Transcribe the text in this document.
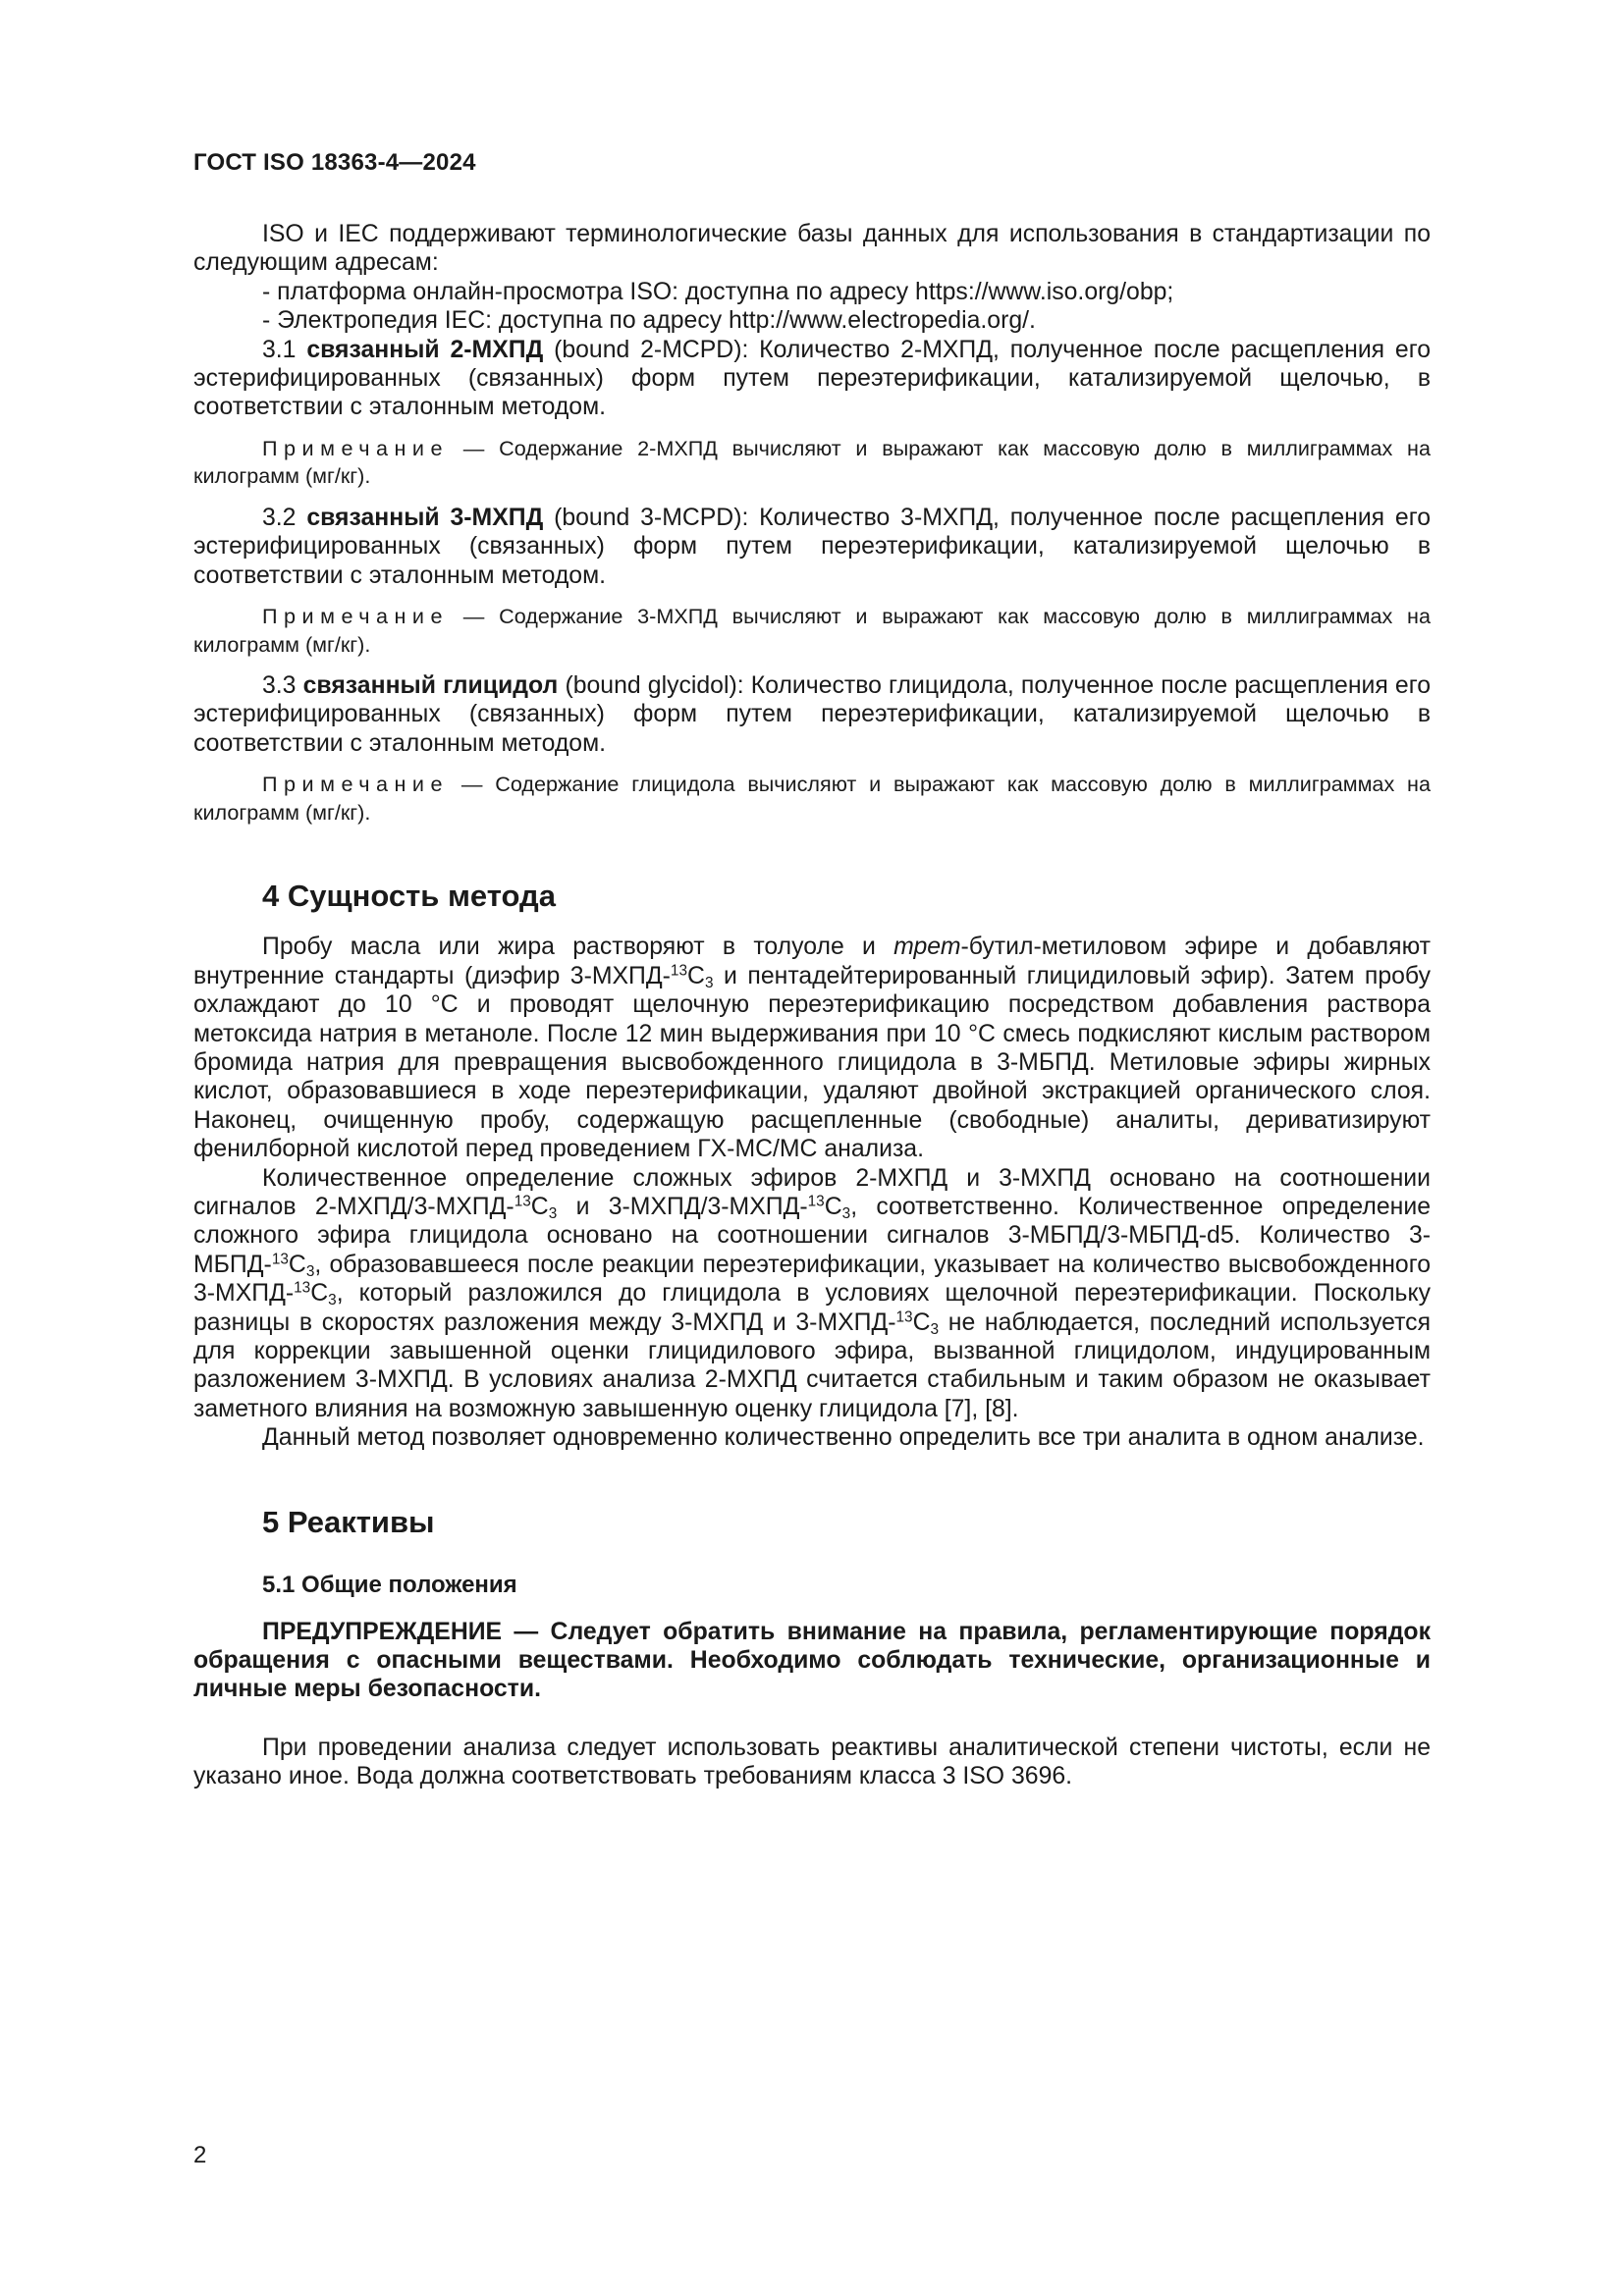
ГОСТ ISO 18363-4—2024

ISO и IEC поддерживают терминологические базы данных для использования в стандартизации по следующим адресам:

- платформа онлайн-просмотра ISO: доступна по адресу https://www.iso.org/obp;

- Электропедия IEC: доступна по адресу http://www.electropedia.org/.

3.1 связанный 2-МХПД (bound 2-MCPD): Количество 2-МХПД, полученное после расщепления его эстерифицированных (связанных) форм путем переэтерификации, катализируемой щелочью, в соответствии с эталонным методом.

Примечание — Содержание 2-МХПД вычисляют и выражают как массовую долю в миллиграммах на килограмм (мг/кг).

3.2 связанный 3-МХПД (bound 3-MCPD): Количество 3-МХПД, полученное после расщепления его эстерифицированных (связанных) форм путем переэтерификации, катализируемой щелочью в соответствии с эталонным методом.

Примечание — Содержание 3-МХПД вычисляют и выражают как массовую долю в миллиграммах на килограмм (мг/кг).

3.3 связанный глицидол (bound glycidol): Количество глицидола, полученное после расщепления его эстерифицированных (связанных) форм путем переэтерификации, катализируемой щелочью в соответствии с эталонным методом.

Примечание — Содержание глицидола вычисляют и выражают как массовую долю в миллиграммах на килограмм (мг/кг).

4 Сущность метода

Пробу масла или жира растворяют в толуоле и трет-бутил-метиловом эфире и добавляют внутренние стандарты (диэфир $3-МХПД-^{13}C_3$ и пентадейтерированный глицидиловый эфир). Затем пробу охлаждают до 10 °С и проводят щелочную переэтерификацию посредством добавления раствора метоксида натрия в метаноле. После 12 мин выдерживания при 10 °С смесь подкисляют кислым раствором бромида натрия для превращения высвобожденного глицидола в 3-МБПД. Метиловые эфиры жирных кислот, образовавшиеся в ходе переэтерификации, удаляют двойной экстракцией органического слоя. Наконец, очищенную пробу, содержащую расщепленные (свободные) аналиты, дериватизируют фенилборной кислотой перед проведением ГХ-МС/МС анализа.

Количественное определение сложных эфиров 2-МХПД и 3-МХПД основано на соотношении сигналов $2-МХПД/3-МХПД-^{13}C_3$ и $3-МХПД/3-МХПД-^{13}C_3$, соответственно. Количественное определение сложного эфира глицидола основано на соотношении сигналов 3-МБПД/3-МБПД-d5. Количество $3-МБПД-^{13}C_3$, образовавшееся после реакции переэтерификации, указывает на количество высвобожденного $3-МХПД-^{13}C_3$, который разложился до глицидола в условиях щелочной переэтерификации. Поскольку разницы в скоростях разложения между 3-МХПД и $3-МХПД-^{13}C_3$ не наблюдается, последний используется для коррекции завышенной оценки глицидилового эфира, вызванной глицидолом, индуцированным разложением 3-МХПД. В условиях анализа 2-МХПД считается стабильным и таким образом не оказывает заметного влияния на возможную завышенную оценку глицидола [7], [8].

Данный метод позволяет одновременно количественно определить все три аналита в одном анализе.

5 Реактивы
5.1 Общие положения

ПРЕДУПРЕЖДЕНИЕ — Следует обратить внимание на правила, регламентирующие порядок обращения с опасными веществами. Необходимо соблюдать технические, организационные и личные меры безопасности.

При проведении анализа следует использовать реактивы аналитической степени чистоты, если не указано иное. Вода должна соответствовать требованиям класса 3 ISO 3696.

2
